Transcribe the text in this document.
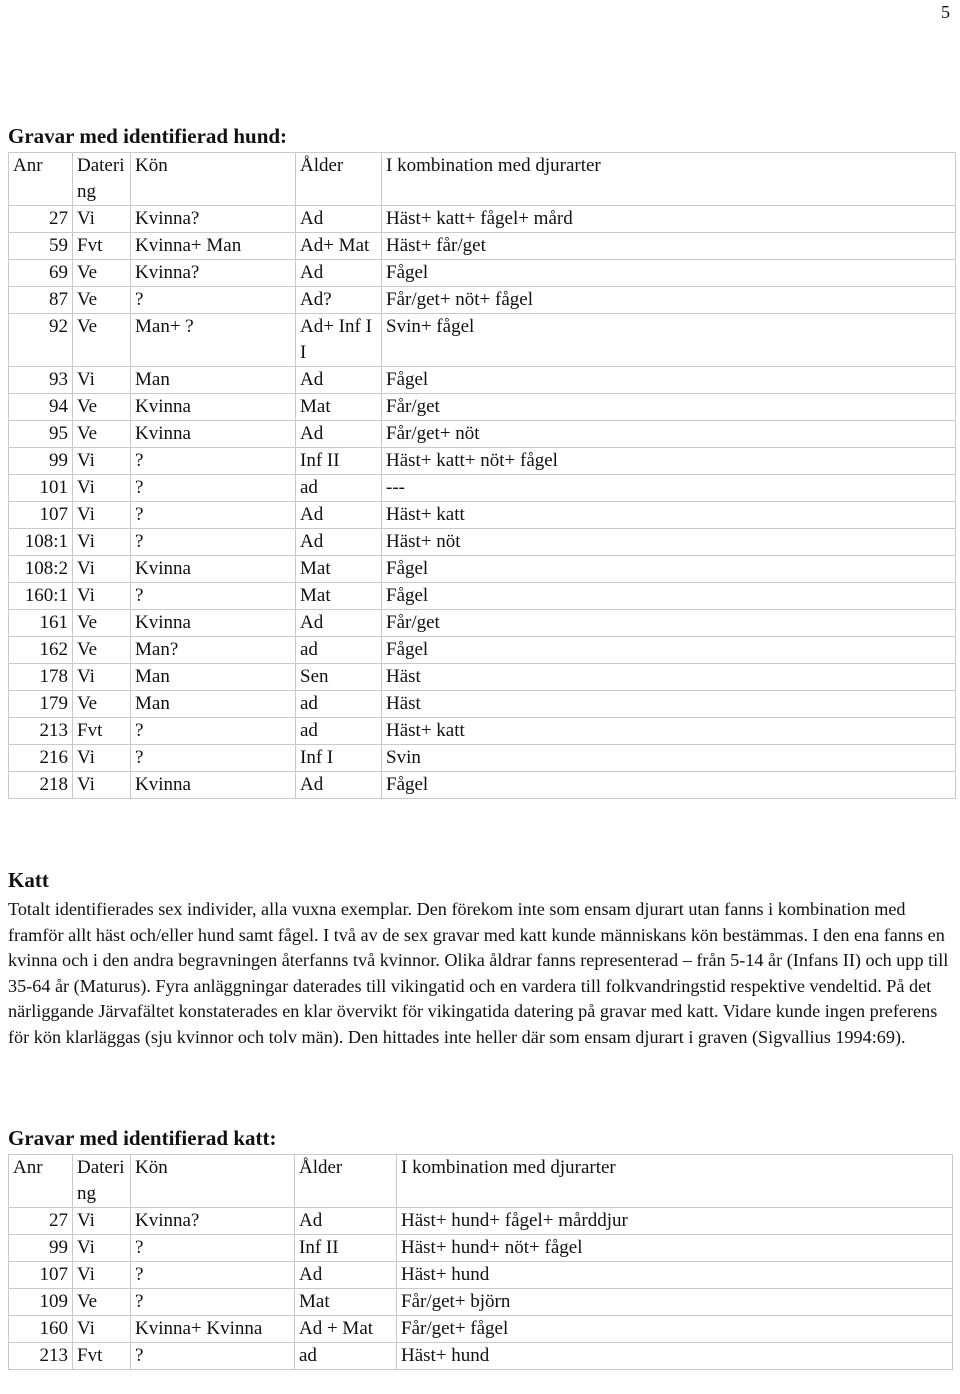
5
Gravar med identifierad hund:
Anr	Datering	Kön	Ålder	I kombination med djurarter
27	Vi	Kvinna?	Ad	Häst+ katt+ fågel+ mård
59	Fvt	Kvinna+ Man	Ad+ Mat	Häst+ får/get
69	Ve	Kvinna?	Ad	Fågel
87	Ve	?	Ad?	Får/get+ nöt+ fågel
92	Ve	Man+ ?	Ad+ Inf II	Svin+ fågel
93	Vi	Man	Ad	Fågel
94	Ve	Kvinna	Mat	Får/get
95	Ve	Kvinna	Ad	Får/get+ nöt
99	Vi	?	Inf II	Häst+ katt+ nöt+ fågel
101	Vi	?	ad	---
107	Vi	?	Ad	Häst+ katt
108:1	Vi	?	Ad	Häst+ nöt
108:2	Vi	Kvinna	Mat	Fågel
160:1	Vi	?	Mat	Fågel
161	Ve	Kvinna	Ad	Får/get
162	Ve	Man?	ad	Fågel
178	Vi	Man	Sen	Häst
179	Ve	Man	ad	Häst
213	Fvt	?	ad	Häst+ katt
216	Vi	?	Inf I	Svin
218	Vi	Kvinna	Ad	Fågel
Katt

Totalt identifierades sex individer, alla vuxna exemplar. Den förekom inte som ensam djurart utan fanns i kombination med framför allt häst och/eller hund samt fågel. I två av de sex gravar med katt kunde människans kön bestämmas. I den ena fanns en kvinna och i den andra begravningen återfanns två kvinnor. Olika åldrar fanns representerad – från 5-14 år (Infans II) och upp till 35-64 år (Maturus). Fyra anläggningar daterades till vikingatid och en vardera till folkvandringstid respektive vendeltid. På det närliggande Järvafältet konstaterades en klar övervikt för vikingatida datering på gravar med katt. Vidare kunde ingen preferens för kön klarläggas (sju kvinnor och tolv män). Den hittades inte heller där som ensam djurart i graven (Sigvallius 1994:69).

Gravar med identifierad katt:
Anr	Datering	Kön	Ålder	I kombination med djurarter
27	Vi	Kvinna?	Ad	Häst+ hund+ fågel+ mårddjur
99	Vi	?	Inf II	Häst+ hund+ nöt+ fågel
107	Vi	?	Ad	Häst+ hund
109	Ve	?	Mat	Får/get+ björn
160	Vi	Kvinna+ Kvinna	Ad + Mat	Får/get+ fågel
213	Fvt	?	ad	Häst+ hund
